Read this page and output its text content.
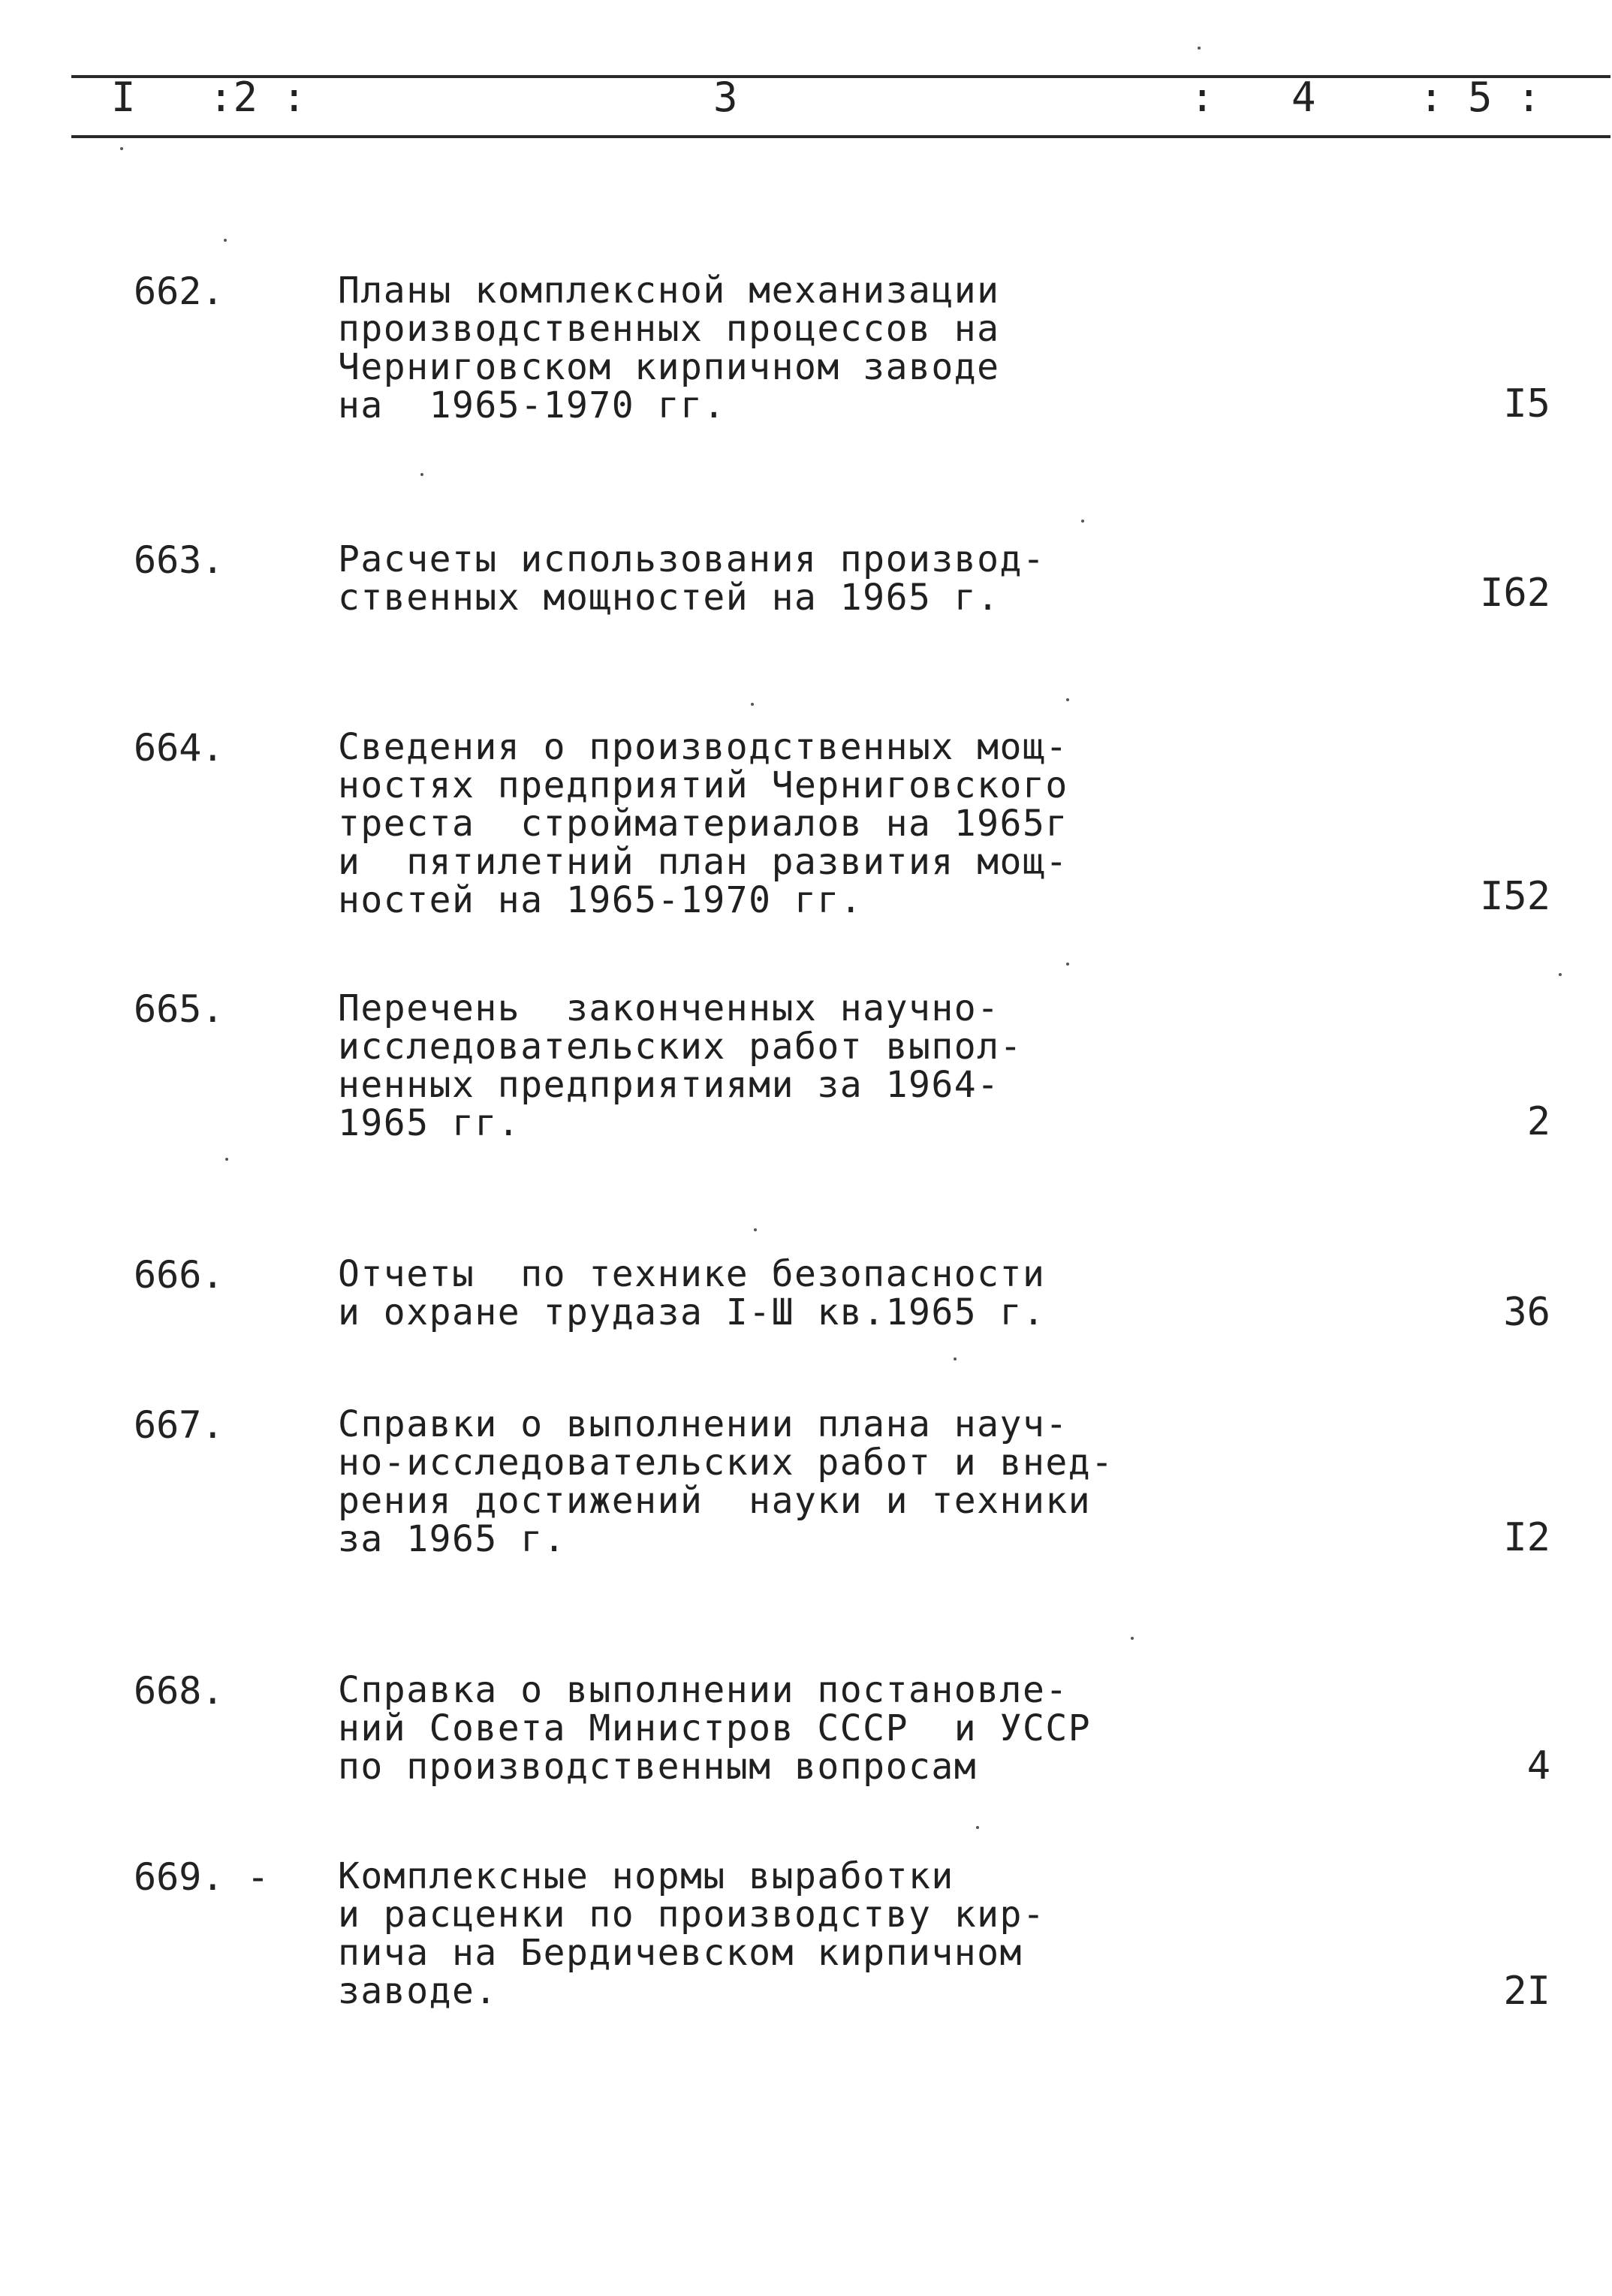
I :2 :	3	: 4	: 5 :
662.	Планы комплексной механизации
производственных процессов на
Черниговском кирпичном заводе
на  1965-1970 гг.	I5
663.	Расчеты использования производ-
ственных мощностей на 1965 г.	I62
664.	Сведения о производственных мощ-
ностях предприятий Черниговского
треста  стройматериалов на 1965г
и  пятилетний план развития мощ-
ностей на 1965-1970 гг.	I52
665.	Перечень  законченных научно-
исследовательских работ выпол-
ненных предприятиями за 1964-
1965 гг.	2
666.	Отчеты  по технике безопасности
и охране трудаза I-Ш кв.1965 г.	36
667.	Справки о выполнении плана науч-
но-исследовательских работ и внед-
рения достижений  науки и техники
за 1965 г.	I2
668.	Справка о выполнении постановле-
ний Совета Министров СССР  и УССР
по производственным вопросам	4
669. - Комплексные нормы выработки
и расценки по производству кир-
пича на Бердичевском кирпичном
заводе.	2I
